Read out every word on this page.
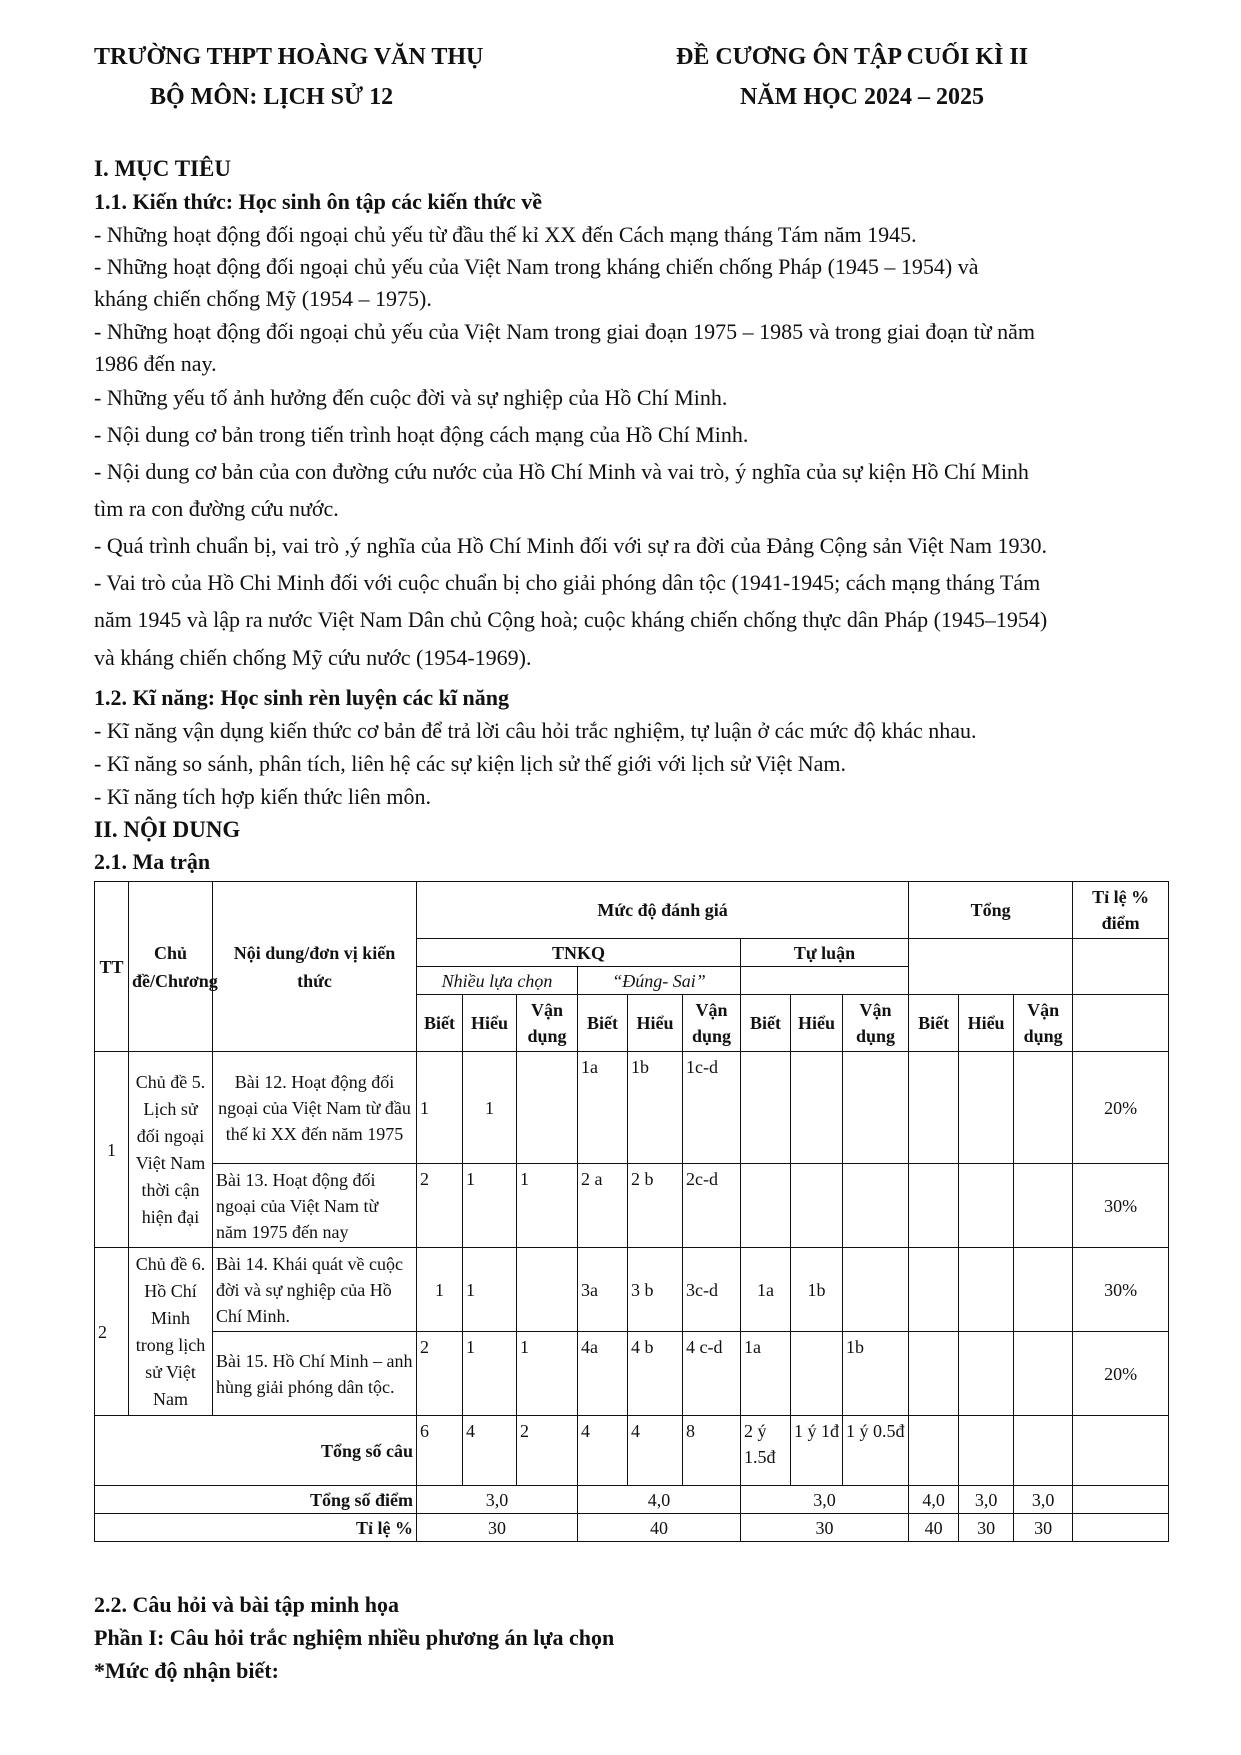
TRƯỜNG THPT HOÀNG VĂN THỤ
BỘ MÔN: LỊCH SỬ 12
ĐỀ CƯƠNG ÔN TẬP CUỐI KÌ II
NĂM HỌC 2024 – 2025
I. MỤC TIÊU
1.1. Kiến thức: Học sinh ôn tập các kiến thức về
- Những hoạt động đối ngoại chủ yếu từ đầu thế kỉ XX đến Cách mạng tháng Tám năm 1945.
- Những hoạt động đối ngoại chủ yếu của Việt Nam trong kháng chiến chống Pháp (1945 – 1954) và
kháng chiến chống Mỹ (1954 – 1975).
- Những hoạt động đối ngoại chủ yếu của Việt Nam trong giai đoạn 1975 – 1985 và trong giai đoạn từ năm
1986 đến nay.
- Những yếu tố ảnh hưởng đến cuộc đời và sự nghiệp của Hồ Chí Minh.
- Nội dung cơ bản trong tiến trình hoạt động cách mạng của Hồ Chí Minh.
- Nội dung cơ bản của con đường cứu nước của Hồ Chí Minh và vai trò, ý nghĩa của sự kiện Hồ Chí Minh
tìm ra con đường cứu nước.
- Quá trình chuẩn bị, vai trò ,ý nghĩa của Hồ Chí Minh đối với sự ra đời của Đảng Cộng sản Việt Nam 1930.
- Vai trò của Hồ Chi Minh đối với cuộc chuẩn bị cho giải phóng dân tộc (1941-1945; cách mạng tháng Tám
năm 1945 và lập ra nước Việt Nam Dân chủ Cộng hoà; cuộc kháng chiến chống thực dân Pháp (1945–1954)
và kháng chiến chống Mỹ cứu nước (1954-1969).
1.2. Kĩ năng: Học sinh rèn luyện các kĩ năng
- Kĩ năng vận dụng kiến thức cơ bản để trả lời câu hỏi trắc nghiệm, tự luận ở các mức độ khác nhau.
- Kĩ năng so sánh, phân tích, liên hệ các sự kiện lịch sử thế giới với lịch sử Việt Nam.
- Kĩ năng tích hợp kiến thức liên môn.
II. NỘI DUNG
2.1. Ma trận
TT	Chủ đề/Chương	Nội dung/đơn vị kiến thức	Mức độ đánh giá									Tổng			Tỉ lệ % điểm
			TNKQ						Tự luận						
			Nhiều lựa chọn			“Đúng- Sai”									
			Biết	Hiểu	Vận dụng	Biết	Hiểu	Vận dụng	Biết	Hiểu	Vận dụng	Biết	Hiểu	Vận dụng	
1	Chủ đề 5. Lịch sử đối ngoại Việt Nam thời cận hiện đại	Bài 12. Hoạt động đối ngoại của Việt Nam từ đầu thế kỉ XX đến năm 1975	1	1		1a	1b	1c-d							20%
		Bài 13. Hoạt động đối ngoại của Việt Nam từ năm 1975 đến nay	2	1	1	2 a	2 b	2c-d							30%
2	Chủ đề 6. Hồ Chí Minh trong lịch sử Việt Nam	Bài 14. Khái quát về cuộc đời và sự nghiệp của Hồ Chí Minh.	1	1		3a	3 b	3c-d	1a	1b					30%
		Bài 15. Hồ Chí Minh – anh hùng giải phóng dân tộc.	2	1	1	4a	4 b	4 c-d	1a		1b				20%
Tổng số câu			6	4	2	4	4	8	2 ý 1.5đ	1 ý 1đ	1 ý 0.5đ				
Tổng số điểm			3,0			4,0			3,0			4,0	3,0	3,0	
Tỉ lệ %			30			40			30			40	30	30	
2.2. Câu hỏi và bài tập minh họa
Phần I: Câu hỏi trắc nghiệm nhiều phương án lựa chọn
*Mức độ nhận biết:
